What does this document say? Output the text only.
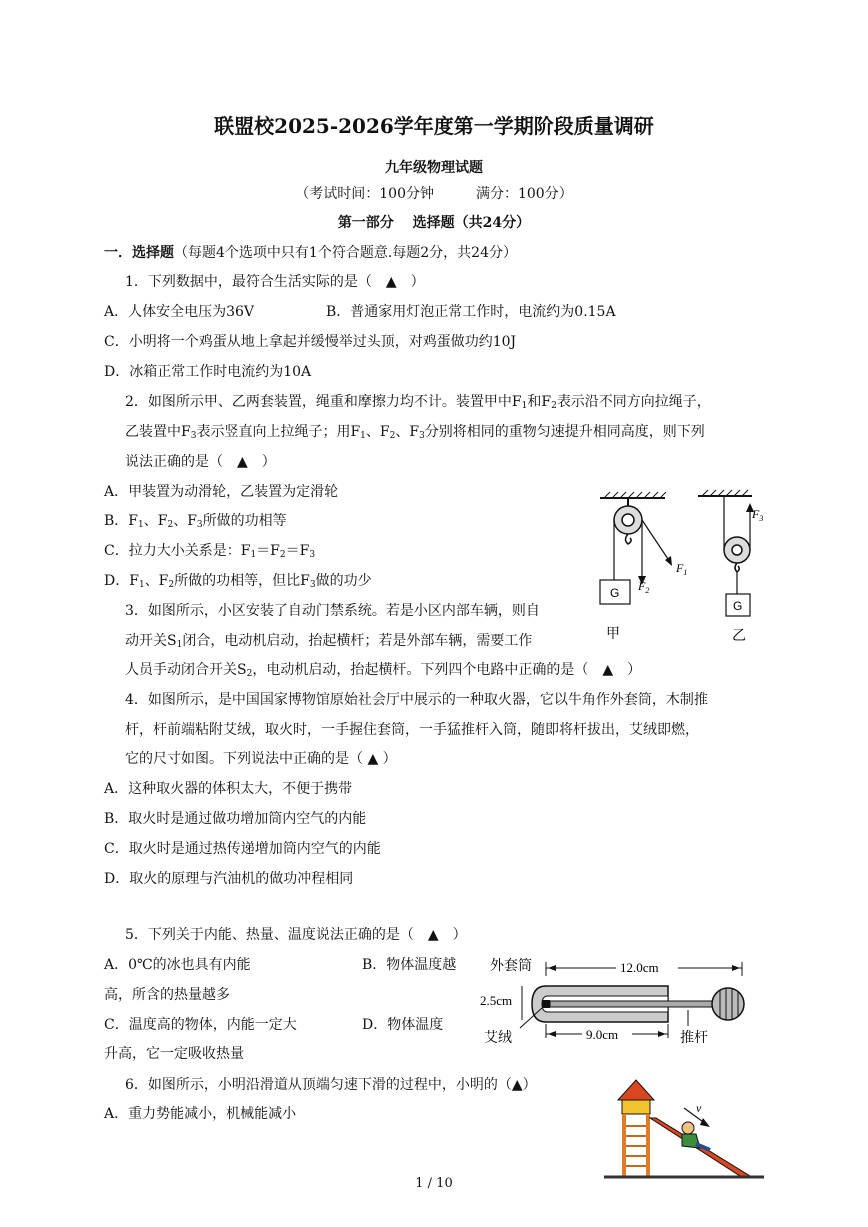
联盟校2025-2026学年度第一学期阶段质量调研
九年级物理试题
（考试时间：100分钟　　　满分：100分）
第一部分　 选择题（共24分）
一．选择题（每题4个选项中只有1个符合题意.每题2分，共24分）
1．下列数据中，最符合生活实际的是（　▲　）
A．人体安全电压为36V	B．普通家用灯泡正常工作时，电流约为0.15A
C．小明将一个鸡蛋从地上拿起并缓慢举过头顶，对鸡蛋做功约10J
D．冰箱正常工作时电流约为10A
2．如图所示甲、乙两套装置，绳重和摩擦力均不计。装置甲中$F_1$和$F_2$表示沿不同方向拉绳子，
乙装置中$F_3$表示竖直向上拉绳子；用$F_1$、$F_2$、$F_3$分别将相同的重物匀速提升相同高度，则下列
说法正确的是（　▲　）
A．甲装置为动滑轮，乙装置为定滑轮
B．$F_1$、$F_2$、$F_3$所做的功相等
C．拉力大小关系是：$F_1=F_2=F_3$
D．$F_1$、$F_2$所做的功相等，但比$F_3$做的功少
G
$F_1$
$F_2$
甲
$F_3$
G
乙
3．如图所示，小区安装了自动门禁系统。若是小区内部车辆，则自
动开关$S_1$闭合，电动机启动，抬起横杆；若是外部车辆，需要工作
人员手动闭合开关$S_2$，电动机启动，抬起横杆。下列四个电路中正确的是（　▲　）
4．如图所示，是中国国家博物馆原始社会厅中展示的一种取火器，它以牛角作外套筒，木制推
杆，杆前端粘附艾绒，取火时，一手握住套筒，一手猛推杆入筒，随即将杆拔出，艾绒即燃，
它的尺寸如图。下列说法中正确的是（ ▲ ）
A．这种取火器的体积太大，不便于携带
B．取火时是通过做功增加筒内空气的内能
C．取火时是通过热传递增加筒内空气的内能
D．取火的原理与汽油机的做功冲程相同
5．下列关于内能、热量、温度说法正确的是（　▲　）
A．0℃的冰也具有内能	B．物体温度越
高，所含的热量越多
C．温度高的物体，内能一定大	D．物体温度
升高，它一定吸收热量
外套筒	12.0cm
2.5cm
9.0cm
艾绒	推杆
6．如图所示，小明沿滑道从顶端匀速下滑的过程中，小明的（▲）
A．重力势能减小，机械能减小	v
1 / 10
